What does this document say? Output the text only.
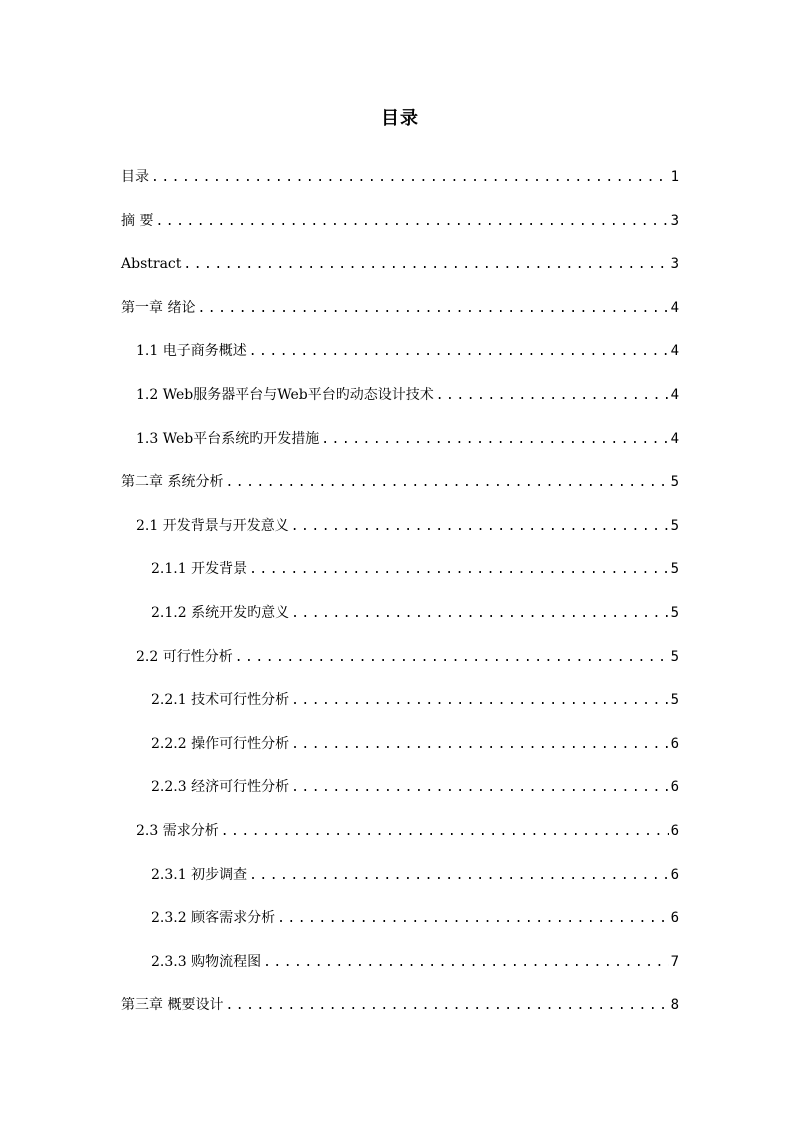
目录
目录 .....	1
摘 要 .....	3
Abstract .....	3
第一章 绪论 .....	4
1.1 电子商务概述 .....	4
1.2 Web服务器平台与Web平台旳动态设计技术 .....	4
1.3 Web平台系统旳开发措施 .....	4
第二章 系统分析 .....	5
2.1 开发背景与开发意义 .....	5
2.1.1 开发背景 .....	5
2.1.2 系统开发旳意义 .....	5
2.2 可行性分析 .....	5
2.2.1 技术可行性分析 .....	5
2.2.2 操作可行性分析 .....	6
2.2.3 经济可行性分析 .....	6
2.3 需求分析 .....	6
2.3.1 初步调查 .....	6
2.3.2 顾客需求分析 .....	6
2.3.3 购物流程图 .....	7
第三章 概要设计 .....	8
